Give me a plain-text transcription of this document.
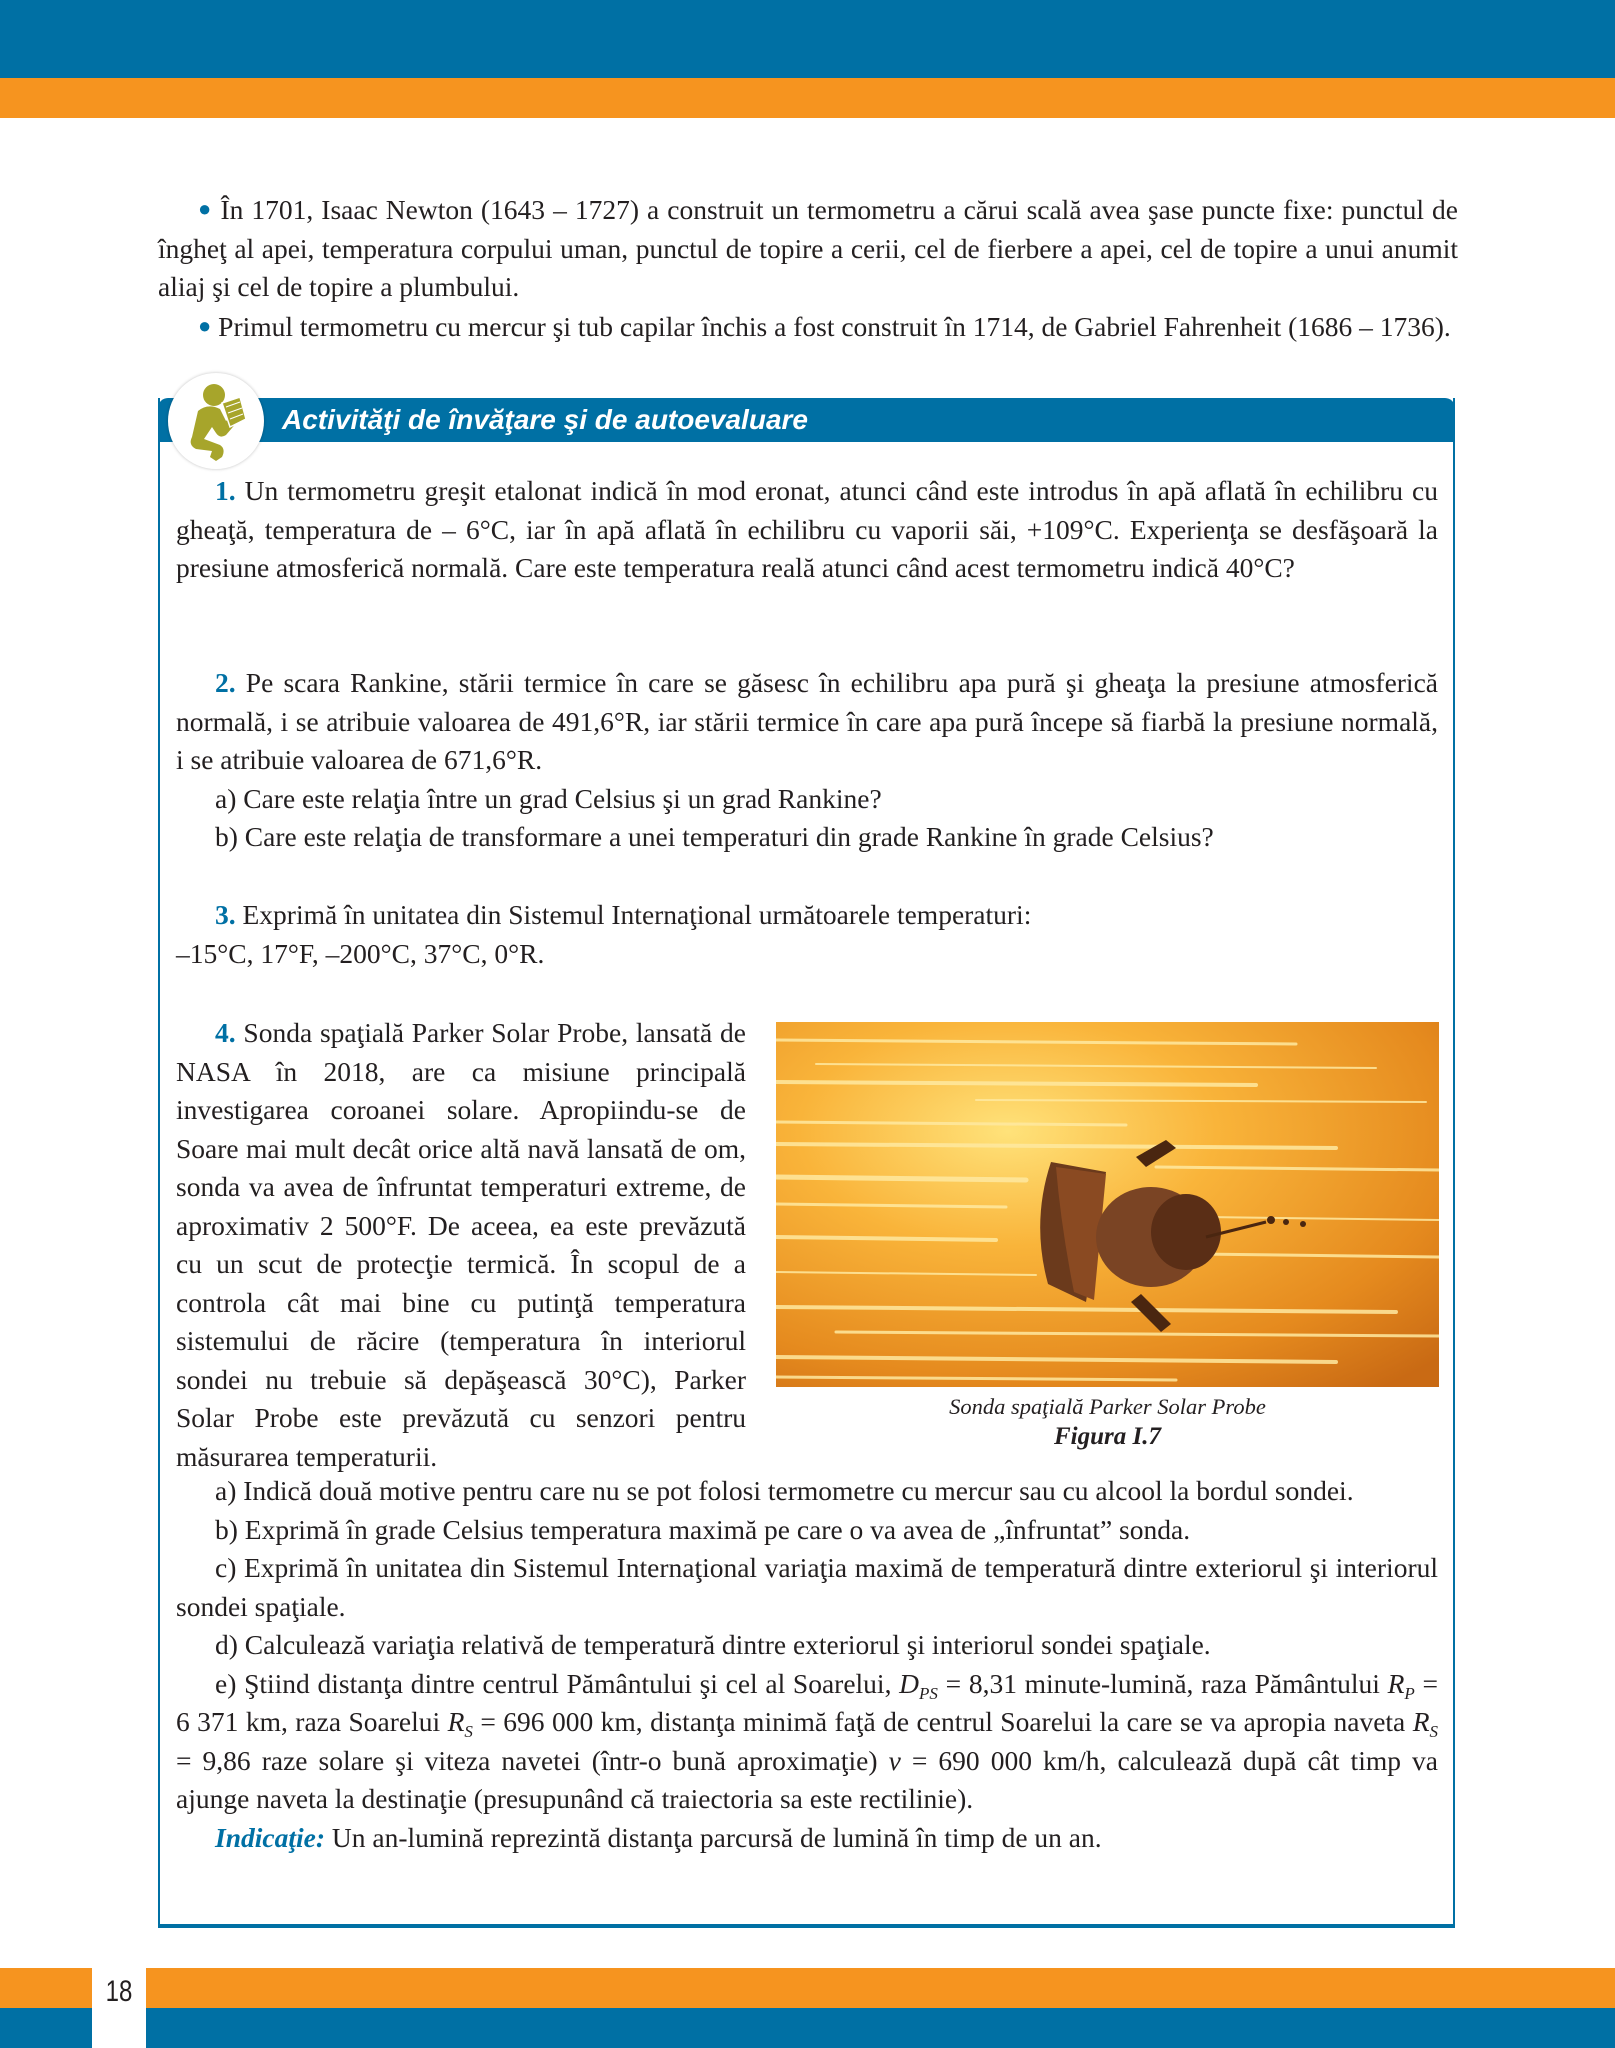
● În 1701, Isaac Newton (1643 – 1727) a construit un termometru a cărui scală avea şase puncte fixe: punctul de îngheţ al apei, temperatura corpului uman, punctul de topire a cerii, cel de fierbere a apei, cel de topire a unui anumit aliaj şi cel de topire a plumbului.

● Primul termometru cu mercur şi tub capilar închis a fost construit în 1714, de Gabriel Fahrenheit (1686 – 1736).

Activităţi de învăţare şi de autoevaluare

1. Un termometru greşit etalonat indică în mod eronat, atunci când este introdus în apă aflată în echilibru cu gheaţă, temperatura de – 6°C, iar în apă aflată în echilibru cu vaporii săi, +109°C. Experienţa se desfăşoară la presiune atmosferică normală. Care este temperatura reală atunci când acest termometru indică 40°C?

2. Pe scara Rankine, stării termice în care se găsesc în echilibru apa pură şi gheaţa la presiune atmosferică normală, i se atribuie valoarea de 491,6°R, iar stării termice în care apa pură începe să fiarbă la presiune normală, i se atribuie valoarea de 671,6°R.

a) Care este relaţia între un grad Celsius şi un grad Rankine?

b) Care este relaţia de transformare a unei temperaturi din grade Rankine în grade Celsius?

3. Exprimă în unitatea din Sistemul Internaţional următoarele temperaturi:

–15°C, 17°F, –200°C, 37°C, 0°R.

4. Sonda spaţială Parker Solar Probe, lansată de NASA în 2018, are ca misiune principală investigarea coroanei solare. Apropiindu-se de Soare mai mult decât orice altă navă lansată de om, sonda va avea de înfruntat temperaturi extreme, de aproximativ 2 500°F. De aceea, ea este prevăzută cu un scut de protecţie termică. În scopul de a controla cât mai bine cu putinţă temperatura sistemului de răcire (temperatura în interiorul sondei nu trebuie să depăşească 30°C), Parker Solar Probe este prevăzută cu senzori pentru măsurarea temperaturii.

Sonda spaţială Parker Solar Probe
Figura I.7

a) Indică două motive pentru care nu se pot folosi termometre cu mercur sau cu alcool la bordul sondei.

b) Exprimă în grade Celsius temperatura maximă pe care o va avea de „înfruntat” sonda.

c) Exprimă în unitatea din Sistemul Internaţional variaţia maximă de temperatură dintre exteriorul şi interiorul sondei spaţiale.

d) Calculează variaţia relativă de temperatură dintre exteriorul şi interiorul sondei spaţiale.

e) Ştiind distanţa dintre centrul Pământului şi cel al Soarelui, $D_{PS} = 8,31$ minute-lumină, raza Pământului $R_P = 6$ 371 km, raza Soarelui $R_S = 696$ 000 km, distanţa minimă faţă de centrul Soarelui la care se va apropia naveta $R_S = 9,86$ raze solare şi viteza navetei (într-o bună aproximaţie) v = 690 000 km/h, calculează după cât timp va ajunge naveta la destinaţie (presupunând că traiectoria sa este rectilinie).

Indicaţie: Un an-lumină reprezintă distanţa parcursă de lumină în timp de un an.

18
